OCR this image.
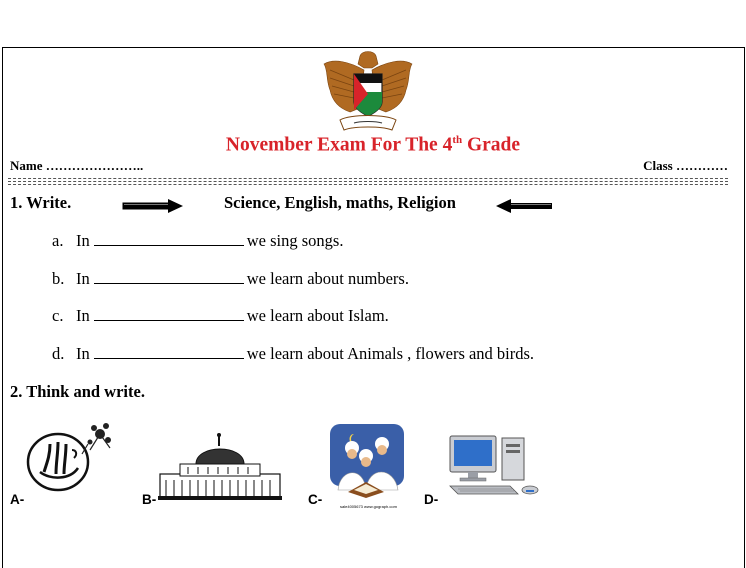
November Exam For The 4th Grade
Name …………………..	Class …………
1. Write.	Science, English, maths, Religion
a. In	we sing songs.
b. In	we learn about numbers.
c. In	we learn about Islam.
d. In	we learn about Animals , flowers and birds.
2. Think and write.
A-	B-	sale4005673 www.gograph.com
C-	D-
